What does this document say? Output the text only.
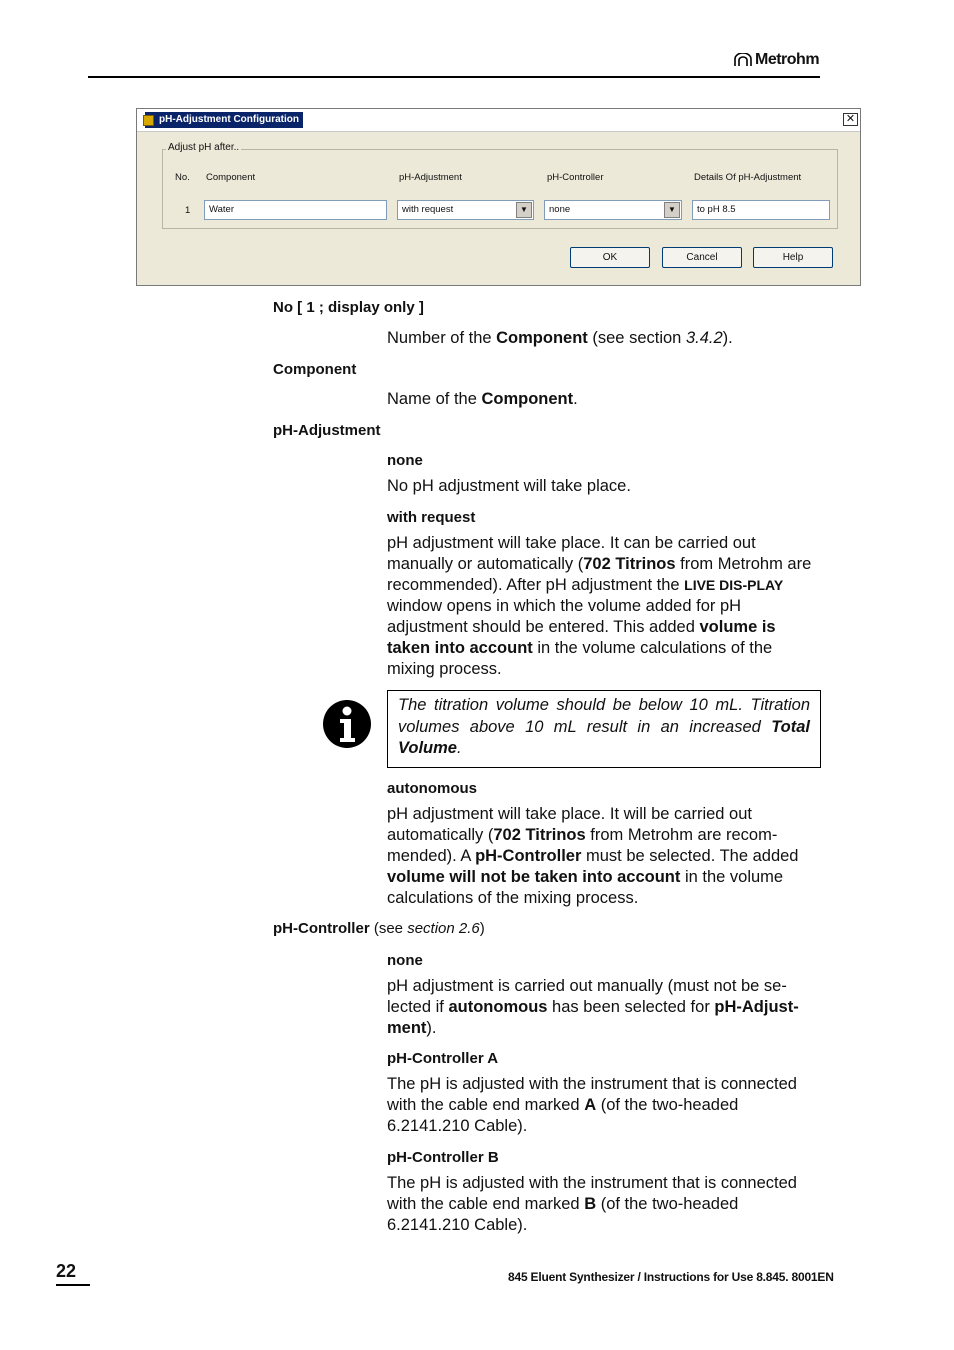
Metrohm
pH-Adjustment Configuration	✕
Adjust pH after..
No. Component	pH-Adjustment	pH-Controller	Details Of pH-Adjustment
1	Water	with request	▼	none	▼	to pH 8.5
OK	Cancel	Help
No [ 1 ; display only ]
Number of the Component (see section 3.4.2).
Component
Name of the Component.
pH-Adjustment
none
No pH adjustment will take place.
with request
pH adjustment will take place. It can be carried out manually or automatically (702 Titrinos from Metrohm are recommended). After pH adjustment the LIVE DIS-PLAY window opens in which the volume added for pH adjustment should be entered. This added volume is taken into account in the volume calculations of the mixing process.
The titration volume should be below 10 mL. Titration volumes above 10 mL result in an increased Total Volume.
autonomous
pH adjustment will take place. It will be carried out automatically (702 Titrinos from Metrohm are recom-mended). A pH-Controller must be selected. The added volume will not be taken into account in the volume calculations of the mixing process.
pH-Controller (see section 2.6)
none
pH adjustment is carried out manually (must not be se-lected if autonomous has been selected for pH-Adjust-ment).
pH-Controller A
The pH is adjusted with the instrument that is connected with the cable end marked A (of the two-headed 6.2141.210 Cable).
pH-Controller B
The pH is adjusted with the instrument that is connected with the cable end marked B (of the two-headed 6.2141.210 Cable).
22	845 Eluent Synthesizer / Instructions for Use 8.845. 8001EN
